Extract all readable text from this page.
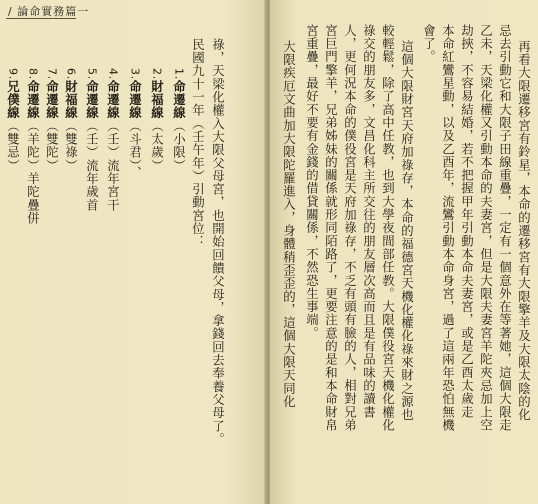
/ 論命實務篇一
祿，天梁化權入大限父母宮，也開始回饋父母，拿錢回去奉養父母了。
民國九十一年（壬午年）引動宮位：
1.命遷線（小限）
2.財福線（太歲）
3.命遷線（斗君）、
4.命遷線（壬）流年宮干
5.命遷線（壬）流年歲首
6.財福線（雙祿）
7.命遷線（雙陀）
8.命遷線（羊陀）羊陀疊併
9.兄僕線（雙忌）	再看大限遷移宮有鈴星，本命的遷移宮有大限擎羊及大限太陰的化
忌去引動它和大限子田線重疊，一定有一個意外在等著她，這個大限走
乙未，天梁化權又引動本命的夫妻宮，但是大限夫妻宮羊陀夾忌加上空
劫挾，不容易結婚，若不把握甲年引動本命夫妻宮，或是乙酉太歲走
本命紅鸞星動，以及乙酉年，流鸞引動本命身宮，過了這兩年恐怕無機
會了。
這個大限財宮天府加祿存，本命的福德宮天機化權化祿來財之源也
較輕鬆，除了高中任教，也到大學夜間部任教。大限僕役宮天機化權化
祿交的朋友多，文昌化科主所交往的朋友層次高而且是有品味的讀書
人，更何況本命的僕役宮是天府加祿存，不乏有頭有臉的人，相對兄弟
宮巨門擎羊，兄弟姊妹的關係就形同陌路了，更要注意的是和本命財帛
宮重疊，最好不要有金錢的借貸關係，不然恐生事端。
大限疾厄文曲加大限陀羅進入，身體稍歪歪的，這個大限天同化
